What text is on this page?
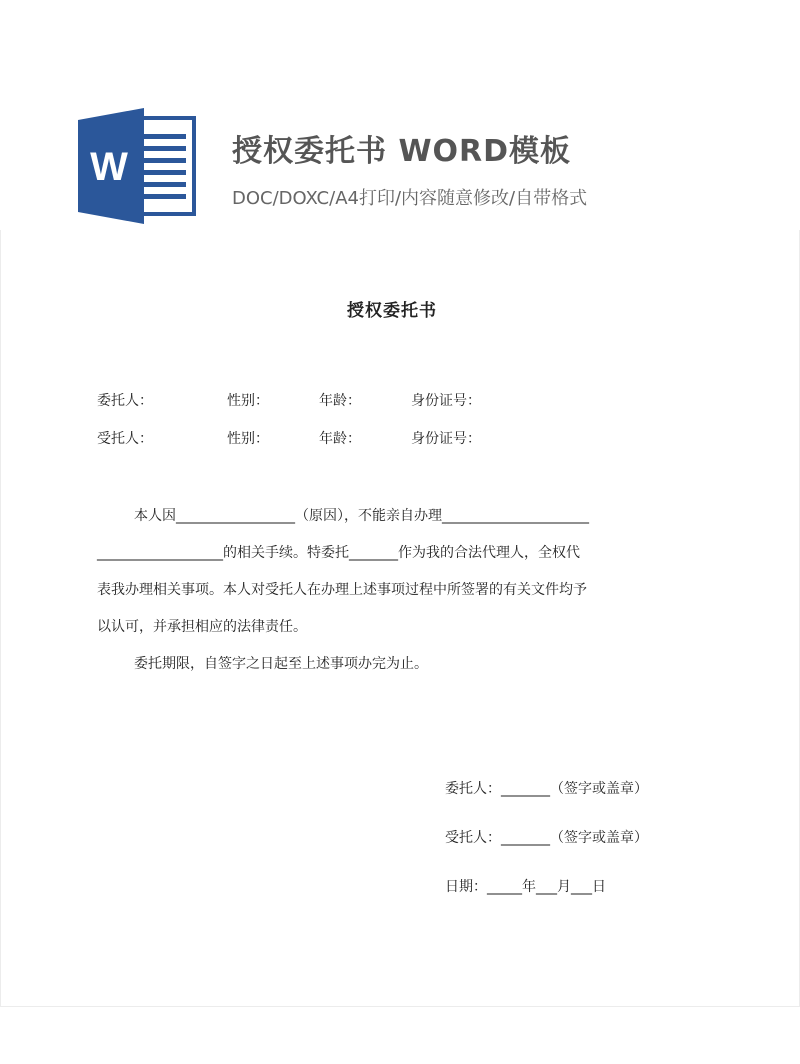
W	授权委托书 WORD模板
DOC/DOXC/A4打印/内容随意修改/自带格式
授权委托书
委托人：	性别：	年龄：	身份证号：
受托人：	性别：	年龄：	身份证号：
本人因_________________（原因），不能亲自办理_____________________
__________________的相关手续。特委托_______作为我的合法代理人，全权代
表我办理相关事项。本人对受托人在办理上述事项过程中所签署的有关文件均予
以认可，并承担相应的法律责任。
委托期限，自签字之日起至上述事项办完为止。
委托人：_______（签字或盖章）
受托人：_______（签字或盖章）
日期：_____年___月___日
